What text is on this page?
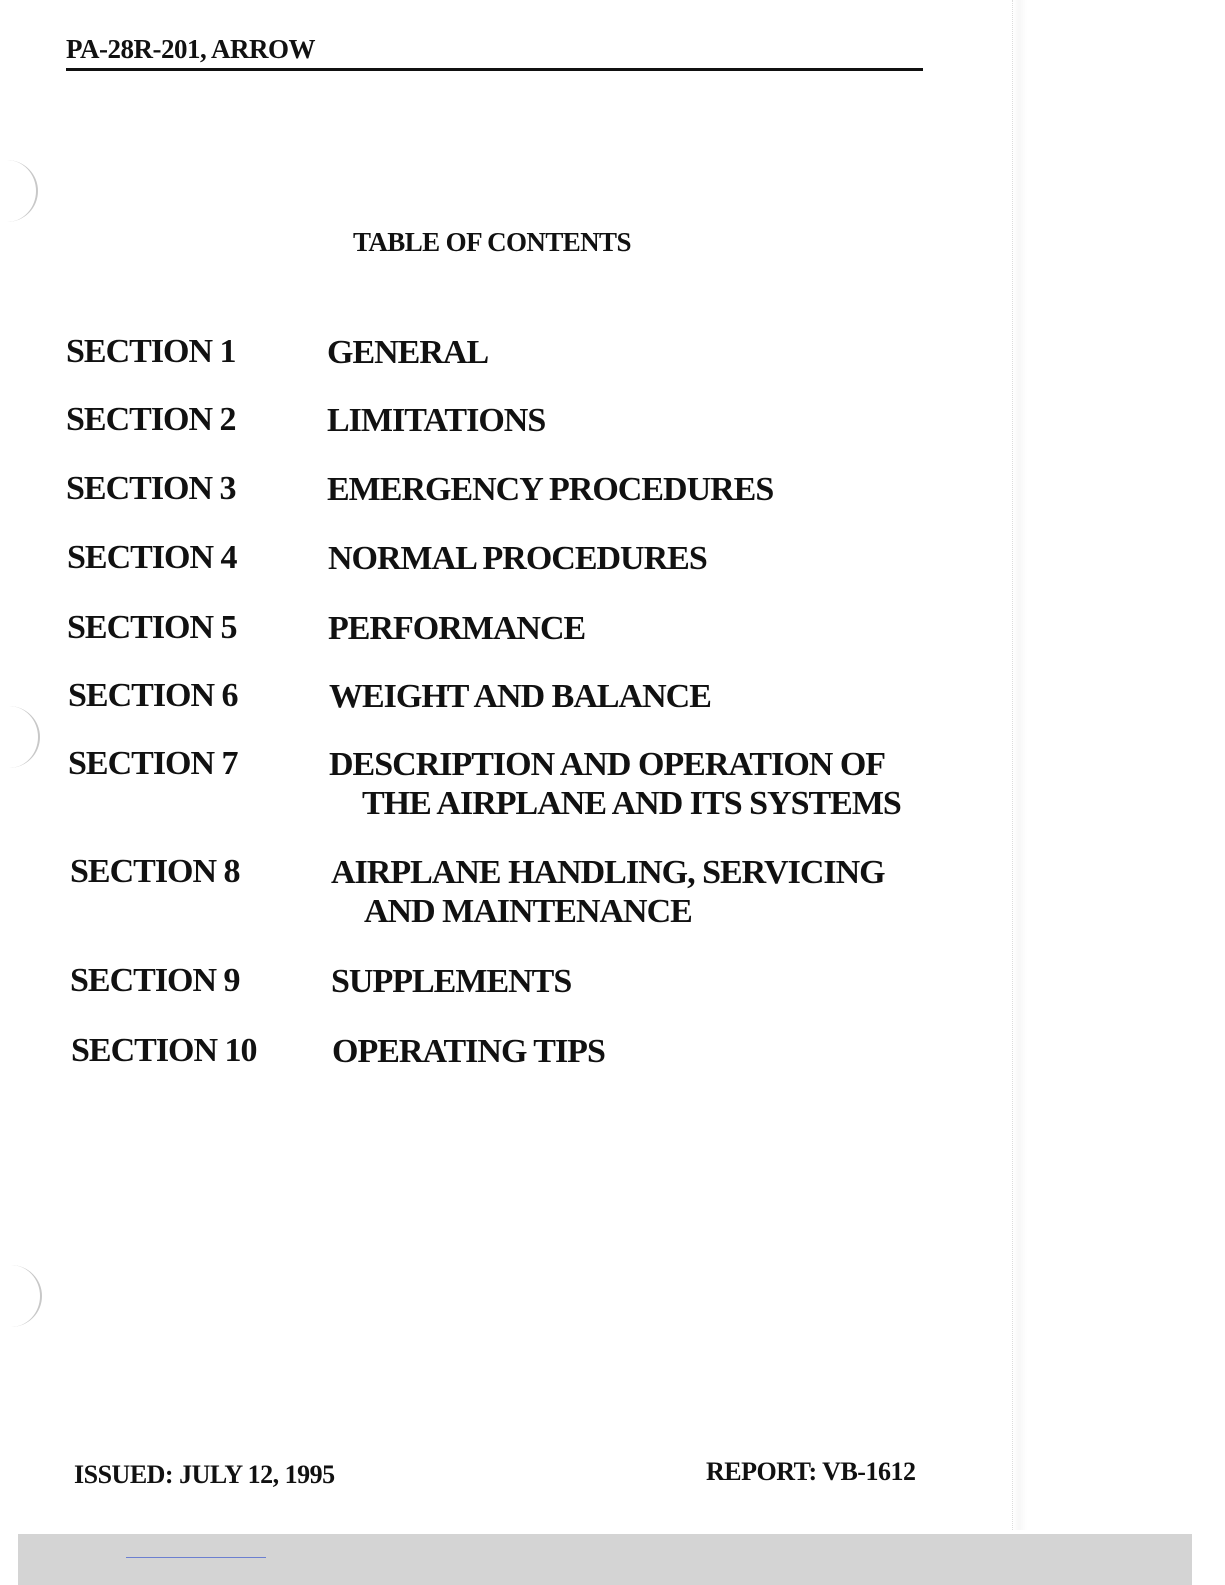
PA-28R-201, ARROW
TABLE OF CONTENTS
SECTION 1	GENERAL
SECTION 2	LIMITATIONS
SECTION 3	EMERGENCY PROCEDURES
SECTION 4	NORMAL PROCEDURES
SECTION 5	PERFORMANCE
SECTION 6	WEIGHT AND BALANCE
SECTION 7	DESCRIPTION AND OPERATION OF
THE AIRPLANE AND ITS SYSTEMS
SECTION 8	AIRPLANE HANDLING, SERVICING
AND MAINTENANCE
SECTION 9	SUPPLEMENTS
SECTION 10 OPERATING TIPS
ISSUED: JULY 12, 1995	REPORT: VB-1612
